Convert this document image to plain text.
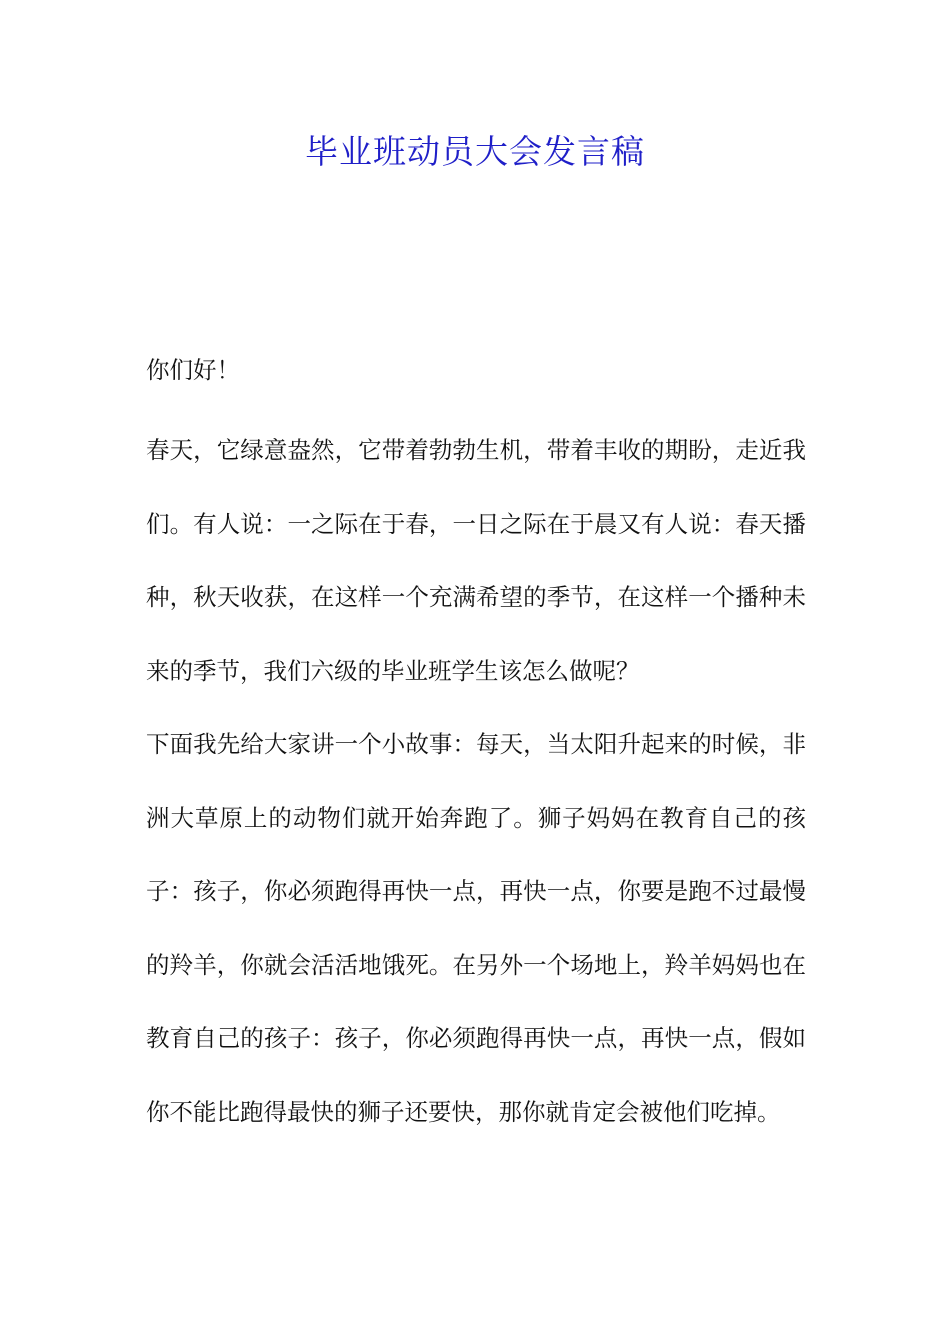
毕业班动员大会发言稿

你们好！

春天，它绿意盎然，它带着勃勃生机，带着丰收的期盼，走近我们。有人说：一之际在于春，一日之际在于晨又有人说：春天播种，秋天收获，在这样一个充满希望的季节，在这样一个播种未来的季节，我们六级的毕业班学生该怎么做呢？

下面我先给大家讲一个小故事：每天，当太阳升起来的时候，非洲大草原上的动物们就开始奔跑了。狮子妈妈在教育自己的孩子：孩子，你必须跑得再快一点，再快一点，你要是跑不过最慢的羚羊，你就会活活地饿死。在另外一个场地上，羚羊妈妈也在教育自己的孩子：孩子，你必须跑得再快一点，再快一点，假如你不能比跑得最快的狮子还要快，那你就肯定会被他们吃掉。
